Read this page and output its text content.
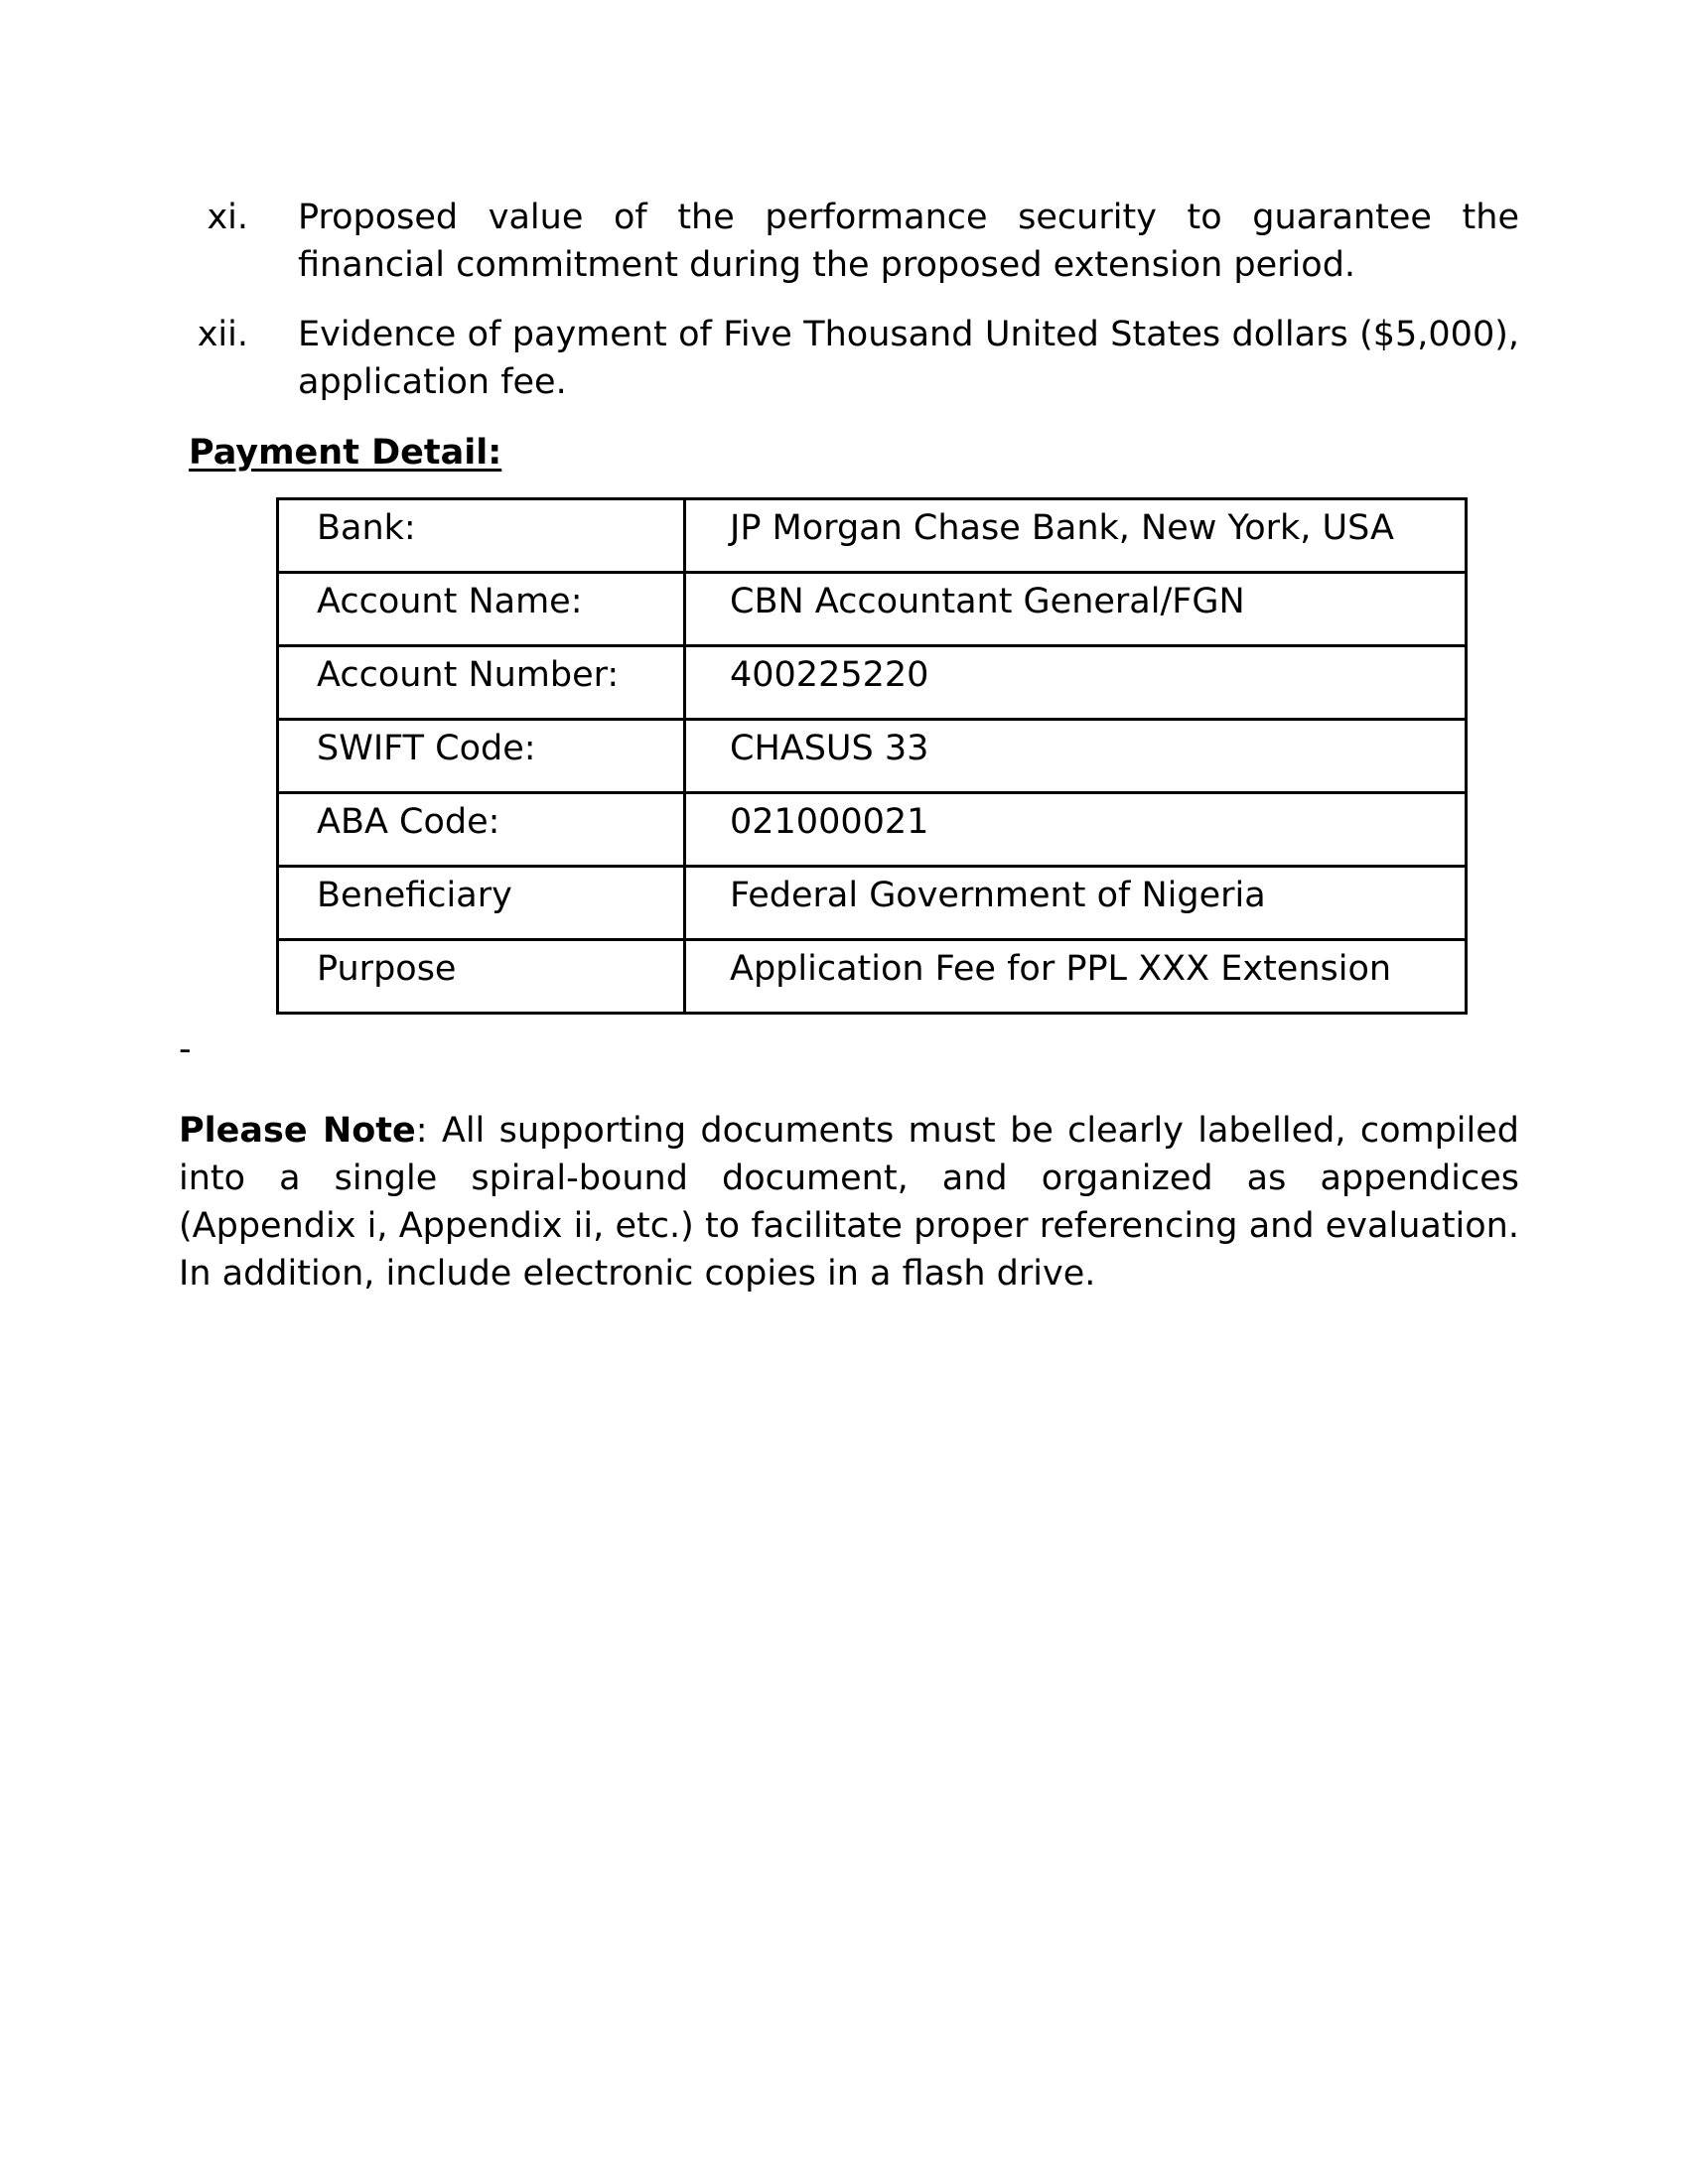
xi. Proposed value of the performance security to guarantee the financial commitment during the proposed extension period.
xii. Evidence of payment of Five Thousand United States dollars ($5,000), application fee.
Payment Detail:
Bank:	JP Morgan Chase Bank, New York, USA
Account Name:	CBN Accountant General/FGN
Account Number:	400225220
SWIFT Code:	CHASUS 33
ABA Code:	021000021
Beneficiary	Federal Government of Nigeria
Purpose	Application Fee for PPL XXX Extension
-

Please Note: All supporting documents must be clearly labelled, compiled into a single spiral-bound document, and organized as appendices (Appendix i, Appendix ii, etc.) to facilitate proper referencing and evaluation. In addition, include electronic copies in a flash drive.
